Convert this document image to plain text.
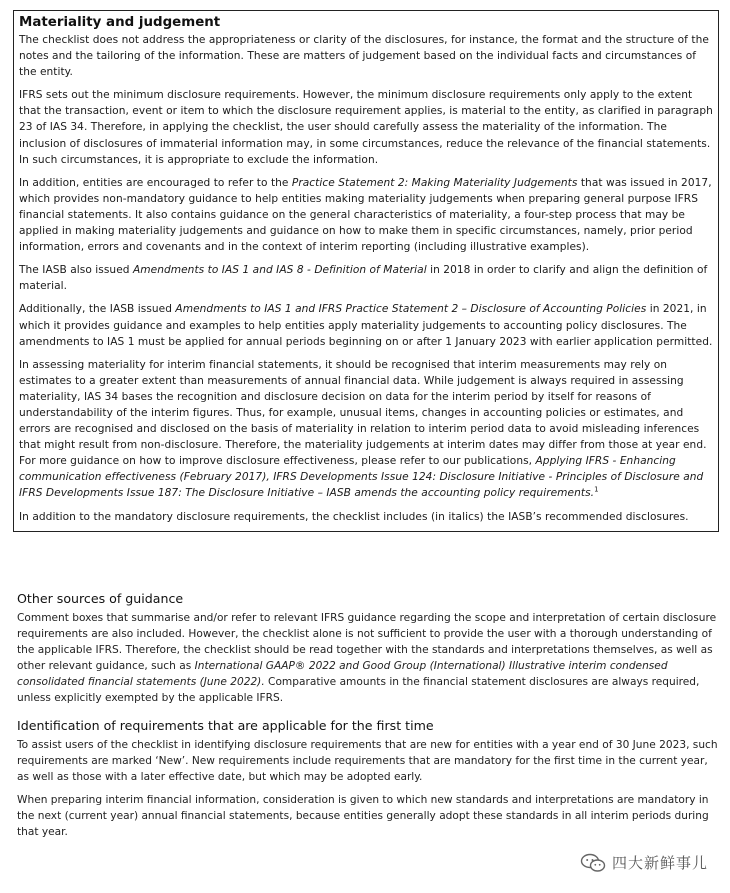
Materiality and judgement

The checklist does not address the appropriateness or clarity of the disclosures, for instance, the format and the structure of the notes and the tailoring of the information. These are matters of judgement based on the individual facts and circumstances of the entity.

IFRS sets out the minimum disclosure requirements. However, the minimum disclosure requirements only apply to the extent that the transaction, event or item to which the disclosure requirement applies, is material to the entity, as clarified in paragraph 23 of IAS 34. Therefore, in applying the checklist, the user should carefully assess the materiality of the information. The inclusion of disclosures of immaterial information may, in some circumstances, reduce the relevance of the financial statements. In such circumstances, it is appropriate to exclude the information.

In addition, entities are encouraged to refer to the Practice Statement 2: Making Materiality Judgements that was issued in 2017, which provides non-mandatory guidance to help entities making materiality judgements when preparing general purpose IFRS financial statements. It also contains guidance on the general characteristics of materiality, a four-step process that may be applied in making materiality judgements and guidance on how to make them in specific circumstances, namely, prior period information, errors and covenants and in the context of interim reporting (including illustrative examples).

The IASB also issued Amendments to IAS 1 and IAS 8 - Definition of Material in 2018 in order to clarify and align the definition of material.

Additionally, the IASB issued Amendments to IAS 1 and IFRS Practice Statement 2 – Disclosure of Accounting Policies in 2021, in which it provides guidance and examples to help entities apply materiality judgements to accounting policy disclosures. The amendments to IAS 1 must be applied for annual periods beginning on or after 1 January 2023 with earlier application permitted.

In assessing materiality for interim financial statements, it should be recognised that interim measurements may rely on estimates to a greater extent than measurements of annual financial data. While judgement is always required in assessing materiality, IAS 34 bases the recognition and disclosure decision on data for the interim period by itself for reasons of understandability of the interim figures. Thus, for example, unusual items, changes in accounting policies or estimates, and errors are recognised and disclosed on the basis of materiality in relation to interim period data to avoid misleading inferences that might result from non-disclosure. Therefore, the materiality judgements at interim dates may differ from those at year end. For more guidance on how to improve disclosure effectiveness, please refer to our publications, Applying IFRS - Enhancing communication effectiveness (February 2017), IFRS Developments Issue 124: Disclosure Initiative - Principles of Disclosure and IFRS Developments Issue 187: The Disclosure Initiative – IASB amends the accounting policy requirements.$^1$

In addition to the mandatory disclosure requirements, the checklist includes (in italics) the IASB’s recommended disclosures.

Other sources of guidance

Comment boxes that summarise and/or refer to relevant IFRS guidance regarding the scope and interpretation of certain disclosure requirements are also included. However, the checklist alone is not sufficient to provide the user with a thorough understanding of the applicable IFRS. Therefore, the checklist should be read together with the standards and interpretations themselves, as well as other relevant guidance, such as International GAAP® 2022 and Good Group (International) Illustrative interim condensed consolidated financial statements (June 2022). Comparative amounts in the financial statement disclosures are always required, unless explicitly exempted by the applicable IFRS.

Identification of requirements that are applicable for the first time

To assist users of the checklist in identifying disclosure requirements that are new for entities with a year end of 30 June 2023, such requirements are marked ‘New’. New requirements include requirements that are mandatory for the first time in the current year, as well as those with a later effective date, but which may be adopted early.

When preparing interim financial information, consideration is given to which new standards and interpretations are mandatory in the next (current year) annual financial statements, because entities generally adopt these standards in all interim periods during that year.

四大新鲜事儿
